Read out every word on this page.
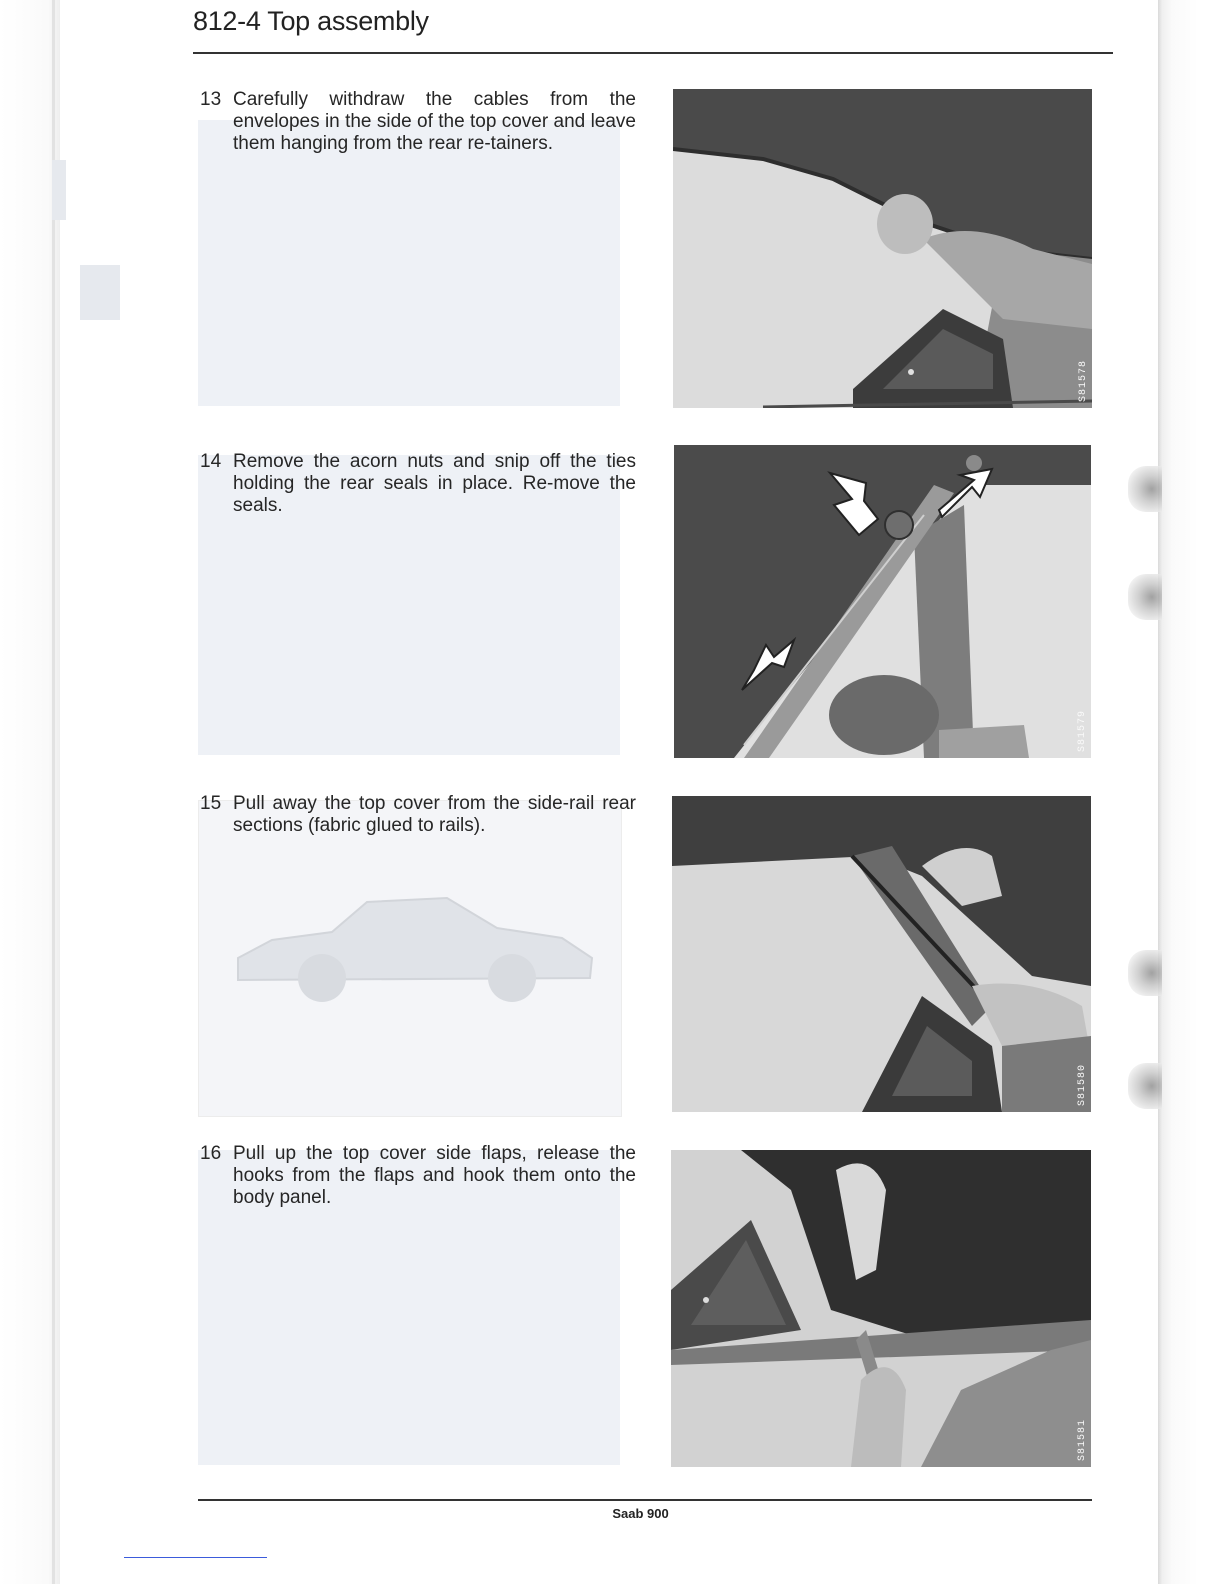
812-4 Top assembly
13 Carefully withdraw the cables from the envelopes in the side of the top cover and leave them hanging from the rear re-tainers.
14 Remove the acorn nuts and snip off the ties holding the rear seals in place. Re-move the seals.
15 Pull away the top cover from the side-rail rear sections (fabric glued to rails).
16 Pull up the top cover side flaps, release the hooks from the flaps and hook them onto the body panel.
S81578
S81579
S81580
S81581
Saab 900
